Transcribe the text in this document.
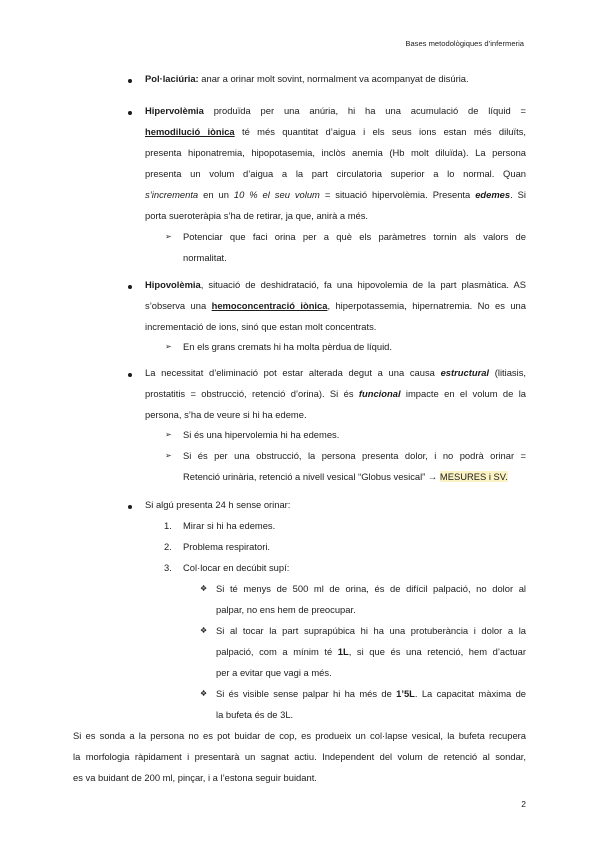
Bases metodològiques d’infermeria
Pol·laciúria: anar a orinar molt sovint, normalment va acompanyat de disúria.
Hipervolèmia produïda per una anúria, hi ha una acumulació de líquid =
hemodilució iònica té més quantitat d’aigua i els seus ions estan més diluïts,
presenta hiponatremia, hipopotasemia, inclòs anemia (Hb molt diluïda). La persona
presenta un volum d’aigua a la part circulatoria superior a lo normal. Quan
s’incrementa en un 10 % el seu volum = situació hipervolèmia. Presenta edemes. Si
porta sueroteràpia s’ha de retirar, ja que, anirà a més.
➢ Potenciar que faci orina per a què els paràmetres tornin als valors de
normalitat.
Hipovolèmia, situació de deshidratació, fa una hipovolemia de la part plasmàtica. AS
s’observa una hemoconcentració iònica, hiperpotassemia, hipernatremia. No es una
incrementació de ions, sinó que estan molt concentrats.
➢ En els grans cremats hi ha molta pèrdua de líquid.
La necessitat d’eliminació pot estar alterada degut a una causa estructural (litiasis,
prostatitis = obstrucció, retenció d’orina). Si és funcional impacte en el volum de la
persona, s’ha de veure si hi ha edeme.
➢ Si és una hipervolemia hi ha edemes.
➢ Si és per una obstrucció, la persona presenta dolor, i no podrà orinar =
Retenció urinària, retenció a nivell vesical “Globus vesical” → MESURES i SV.
Si algú presenta 24 h sense orinar:
1. Mirar si hi ha edemes.
2. Problema respiratori.
3. Col·locar en decúbit supí:
❖ Si té menys de 500 ml de orina, és de difícil palpació, no dolor al
palpar, no ens hem de preocupar.
❖ Si al tocar la part suprapúbica hi ha una protuberància i dolor a la
palpació, com a mínim té 1L, si que és una retenció, hem d’actuar
per a evitar que vagi a més.
❖ Si és visible sense palpar hi ha més de 1’5L. La capacitat màxima de
la bufeta és de 3L.
Si es sonda a la persona no es pot buidar de cop, es produeix un col·lapse vesical, la bufeta recupera
la morfologia ràpidament i presentarà un sagnat actiu. Independent del volum de retenció al sondar,
es va buidant de 200 ml, pinçar, i a l’estona seguir buidant.
2
